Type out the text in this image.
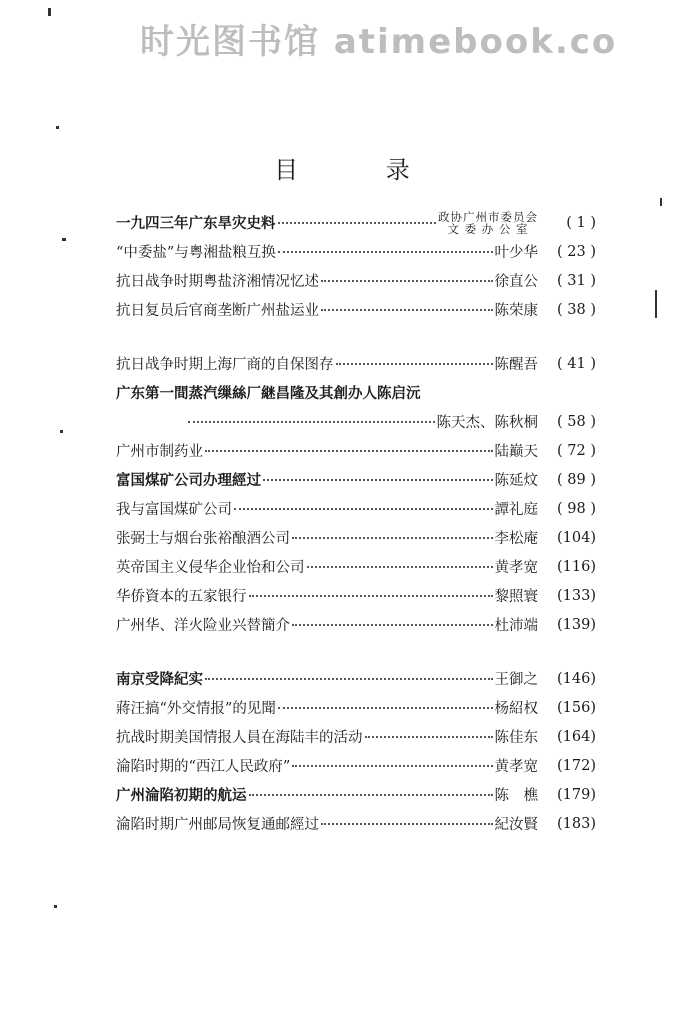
时光图书馆 atimebook.co
目 录
一九四三年广东旱灾史料	政协广州市委员会
文 委 办 公 室	( 1 )
“中委盐”与粤湘盐粮互换	叶少华	( 23 )
抗日战争时期粤盐济湘情况忆述	徐直公	( 31 )
抗日复员后官商垄断广州盐运业	陈荣康	( 38 )
抗日战争时期上海厂商的自保图存	陈醒吾	( 41 )
广东第一間蒸汽缫絲厂継昌隆及其創办人陈启沅
陈天杰、陈秋桐	( 58 )
广州市制药业	陆巅天	( 72 )
富国煤矿公司办理經过	陈延炆	( 89 )
我与富国煤矿公司	譚礼庭	( 98 )
张弼士与烟台张裕酿酒公司	李松庵	(104)
英帝国主义侵华企业怡和公司	黄孝宽	(116)
华侨資本的五家银行	黎照寰	(133)
广州华、洋火险业兴替簡介	杜沛端	(139)
南京受降紀实	王御之	(146)
蔣汪搞“外交情报”的见聞	杨紹权	(156)
抗战时期美国情报人員在海陆丰的活动	陈佳东	(164)
淪陷时期的“西江人民政府”	黄孝宽	(172)
广州淪陷初期的航运	陈　樵	(179)
淪陷时期广州邮局恢复通邮經过	紀汝賢	(183)
